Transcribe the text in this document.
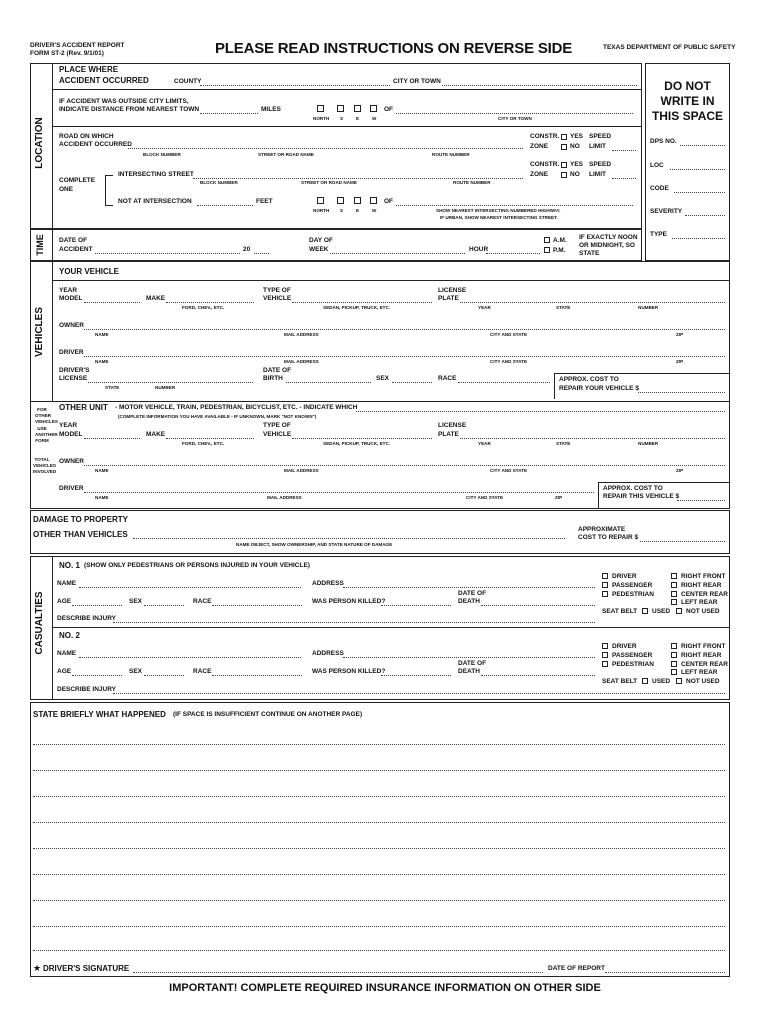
DRIVER'S ACCIDENT REPORT
FORM ST-2 (Rev. 9/1/01)	PLEASE READ INSTRUCTIONS ON REVERSE SIDE	TEXAS DEPARTMENT OF PUBLIC SAFETY
LOCATION
TIME
VEHICLES
CASUALTIES
FOR
OTHER
VEHICLES
USE
ANOTHER
FORM
TOTAL
VEHICLES
INVOLVED
DO NOT
WRITE IN
THIS SPACE
DPS NO.
LOC
CODE
SEVERITY
TYPE
PLACE WHERE
ACCIDENT OCCURRED	COUNTY	CITY OR TOWN
IF ACCIDENT WAS OUTSIDE CITY LIMITS,
INDICATE DISTANCE FROM NEAREST TOWN	MILES	OF
NORTH S	E	W	CITY OR TOWN
ROAD ON WHICH
ACCIDENT OCCURRED
BLOCK NUMBER	STREET OR ROAD NAME	ROUTE NUMBER
CONSTR. YES SPEED
ZONE	NO LIMIT
COMPLETE
ONE
INTERSECTING STREET
BLOCK NUMBER	STREET OR ROAD NAME	ROUTE NUMBER
CONSTR. YES SPEED
ZONE	NO LIMIT
NOT AT INTERSECTION	FEET	OF
NORTH S	E	W	SHOW NEAREST INTERSECTING NUMBERED HIGHWAY.
IF URBAN, SHOW NEAREST INTERSECTING STREET.
DATE OF
ACCIDENT	20
DAY OF
WEEK	HOUR
A.M.
P.M.
IF EXACTLY NOON
OR MIDNIGHT, SO
STATE
YOUR VEHICLE
YEAR
MODEL	MAKE
FORD, CHEV., ETC.
TYPE OF
VEHICLE
SEDAN, PICKUP, TRUCK, ETC.
LICENSE
PLATE
YEAR	STATE	NUMBER
OWNER
NAME	MAIL ADDRESS	CITY AND STATE	ZIP
DRIVER
NAME	MAIL ADDRESS	CITY AND STATE	ZIP
DRIVER'S
LICENSE
STATE	NUMBER
DATE OF
BIRTH	SEX	RACE	APPROX. COST TO
REPAIR YOUR VEHICLE $
OTHER UNIT - MOTOR VEHICLE, TRAIN, PEDESTRIAN, BICYCLIST, ETC. - INDICATE WHICH
(COMPLETE INFORMATION YOU HAVE AVAILABLE - IF UNKNOWN, MARK "NOT KNOWN")
YEAR
MODEL	MAKE
FORD, CHEV., ETC.
TYPE OF
VEHICLE
SEDAN, PICKUP, TRUCK, ETC.
LICENSE
PLATE
YEAR	STATE	NUMBER
OWNER
NAME	MAIL ADDRESS	CITY AND STATE	ZIP
DRIVER
NAME	MAIL ADDRESS	CITY AND STATE	ZIP
APPROX. COST TO
REPAIR THIS VEHICLE $
DAMAGE TO PROPERTY
OTHER THAN VEHICLES
NAME OBJECT, SHOW OWNERSHIP, AND STATE NATURE OF DAMAGE
APPROXIMATE
COST TO REPAIR $
NO. 1 (SHOW ONLY PEDESTRIANS OR PERSONS INJURED IN YOUR VEHICLE)
NAME	ADDRESS
AGE	SEX	RACE	WAS PERSON KILLED?
DATE OF
DEATH
DESCRIBE INJURY
DRIVER
PASSENGER
PEDESTRIAN
RIGHT FRONT
RIGHT REAR
CENTER REAR
LEFT REAR
SEAT BELT USED NOT USED
NO. 2
NAME	ADDRESS
AGE	SEX	RACE	WAS PERSON KILLED?
DATE OF
DEATH
DESCRIBE INJURY
DRIVER
PASSENGER
PEDESTRIAN
RIGHT FRONT
RIGHT REAR
CENTER REAR
LEFT REAR
SEAT BELT USED NOT USED
STATE BRIEFLY WHAT HAPPENED (IF SPACE IS INSUFFICIENT CONTINUE ON ANOTHER PAGE)
★ DRIVER'S SIGNATURE	DATE OF REPORT
IMPORTANT! COMPLETE REQUIRED INSURANCE INFORMATION ON OTHER SIDE
